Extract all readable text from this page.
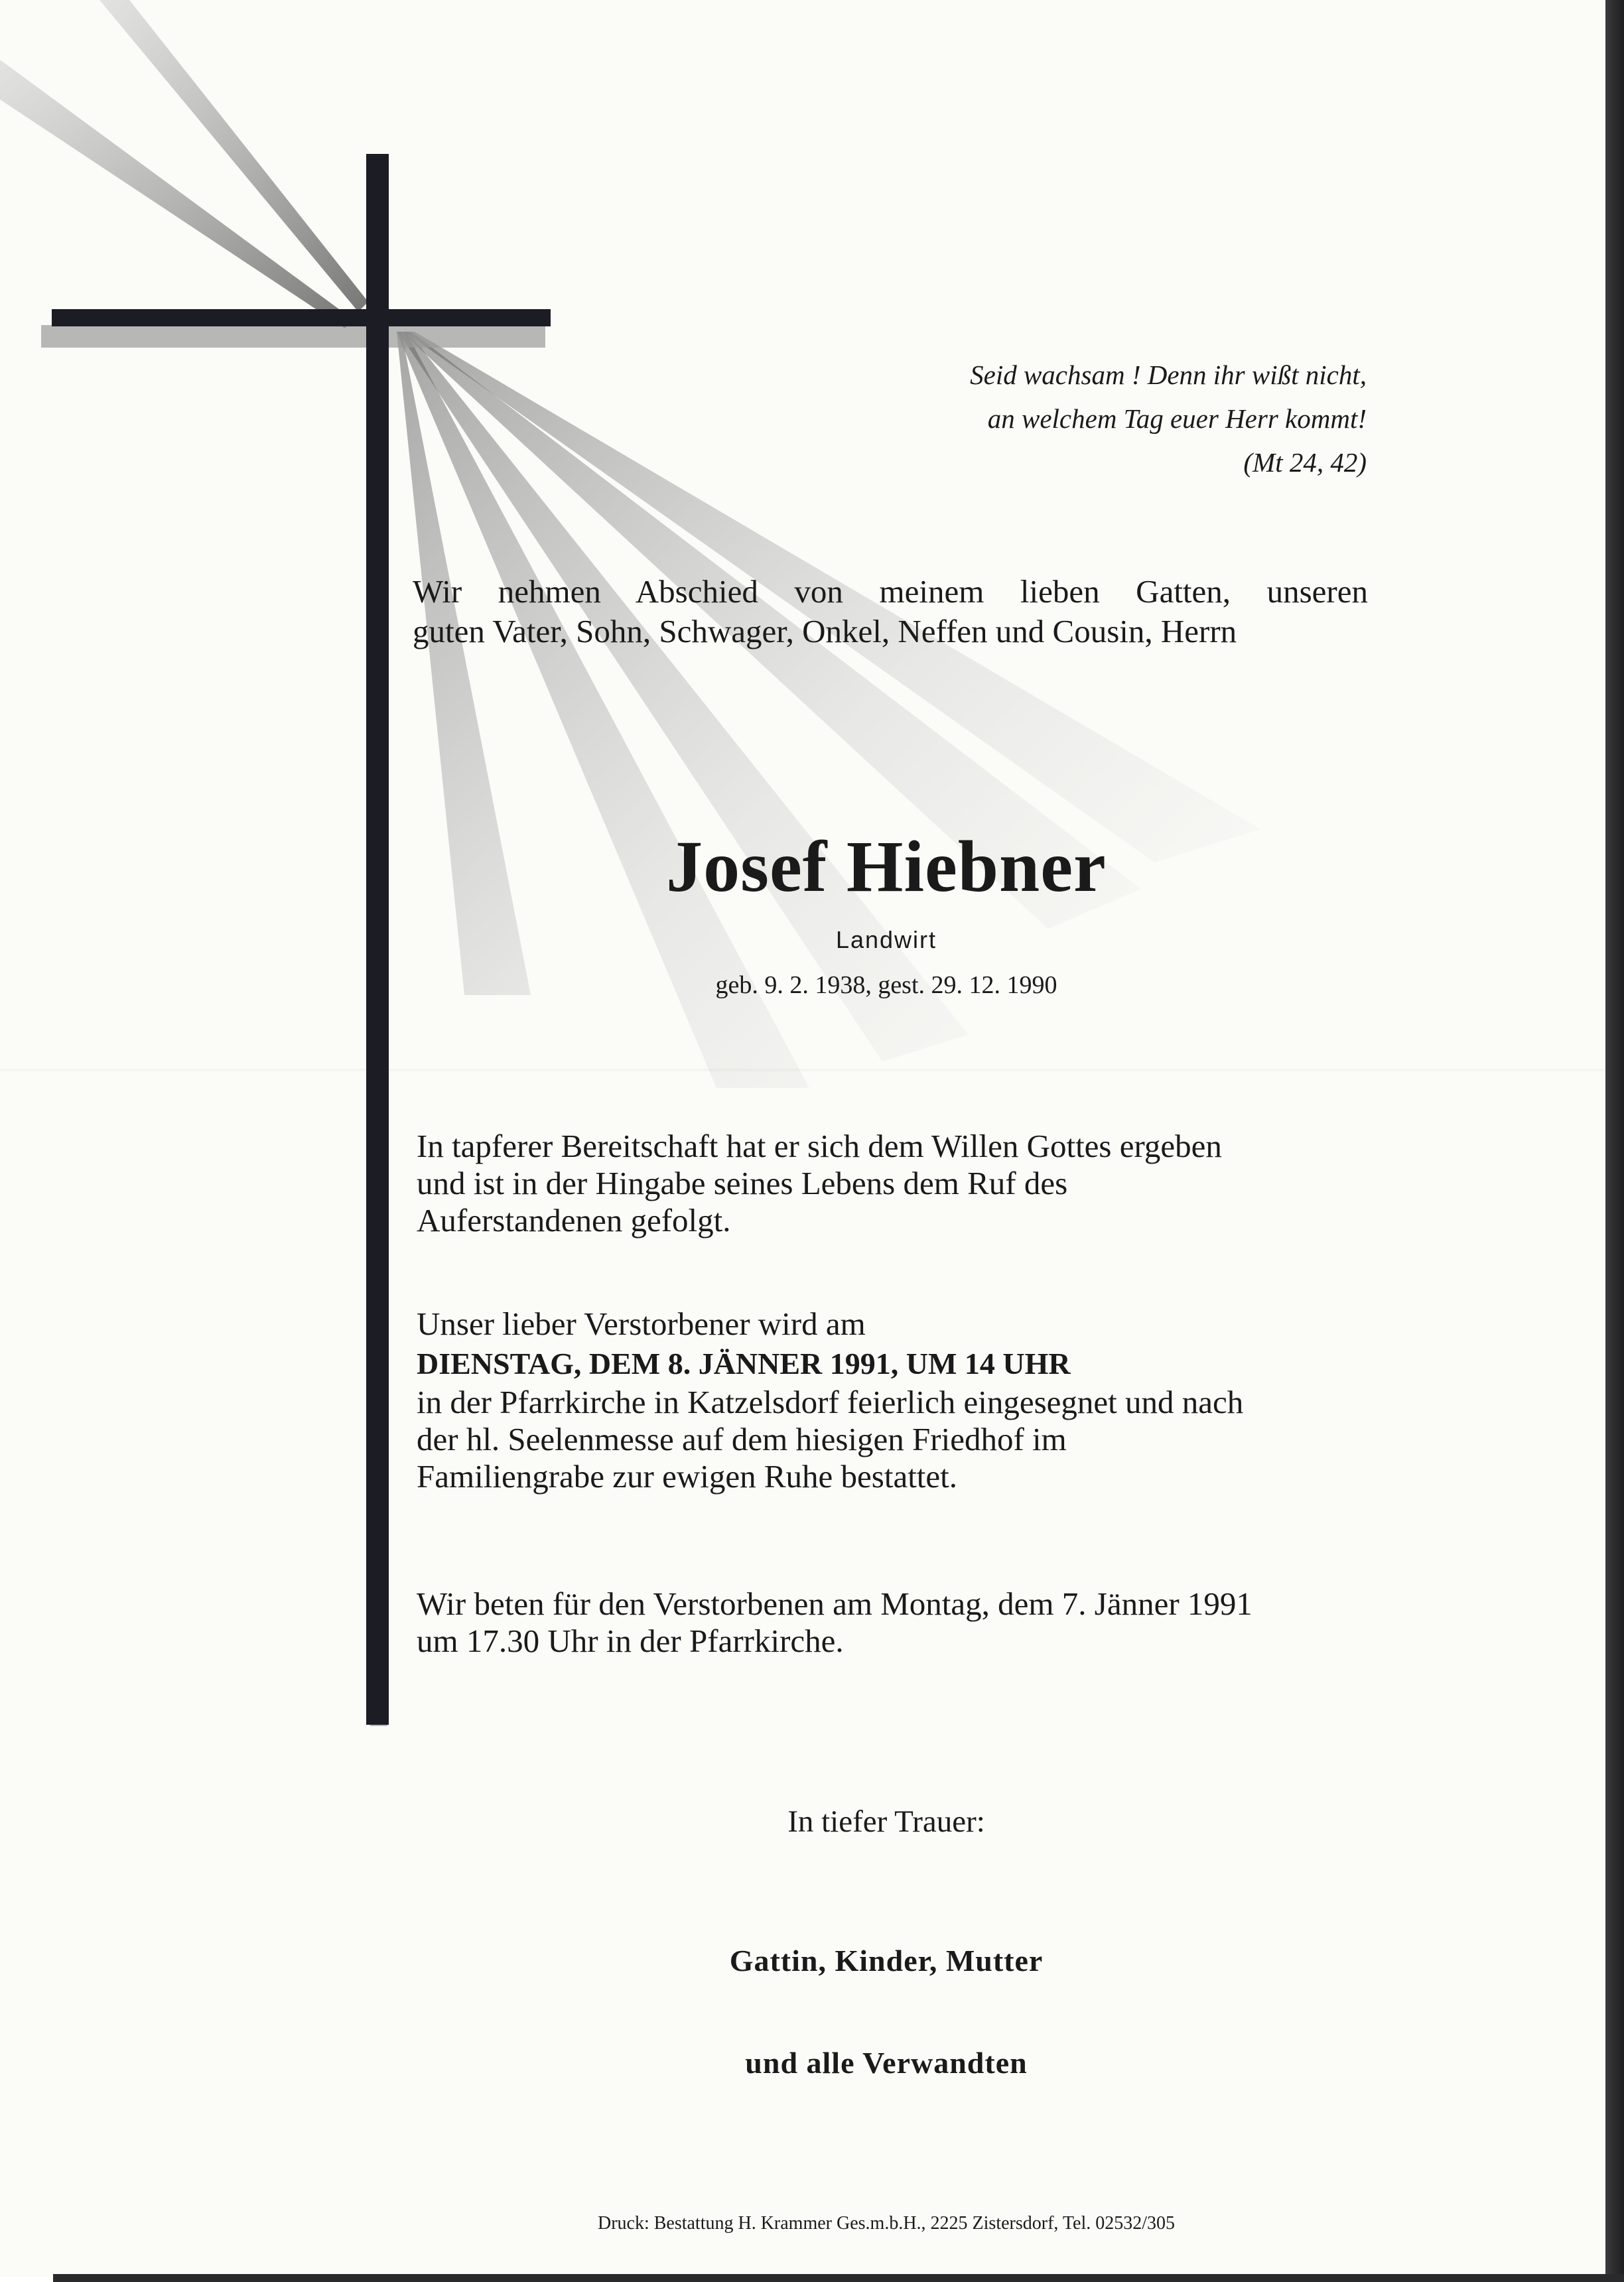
Seid wachsam ! Denn ihr wißt nicht,
an welchem Tag euer Herr kommt!
(Mt 24, 42)
Wir nehmen Abschied von meinem lieben Gatten, unseren
guten Vater, Sohn, Schwager, Onkel, Neffen und Cousin, Herrn
Josef Hiebner
Landwirt
geb. 9. 2. 1938, gest. 29. 12. 1990
In tapferer Bereitschaft hat er sich dem Willen Gottes ergeben
und ist in der Hingabe seines Lebens dem Ruf des
Auferstandenen gefolgt.
Unser lieber Verstorbener wird am
DIENSTAG, DEM 8. JÄNNER 1991, UM 14 UHR
in der Pfarrkirche in Katzelsdorf feierlich eingesegnet und nach
der hl. Seelenmesse auf dem hiesigen Friedhof im
Familiengrabe zur ewigen Ruhe bestattet.
Wir beten für den Verstorbenen am Montag, dem 7. Jänner 1991
um 17.30 Uhr in der Pfarrkirche.
In tiefer Trauer:
Gattin, Kinder, Mutter
und alle Verwandten
Druck: Bestattung H. Krammer Ges.m.b.H., 2225 Zistersdorf, Tel. 02532/305
